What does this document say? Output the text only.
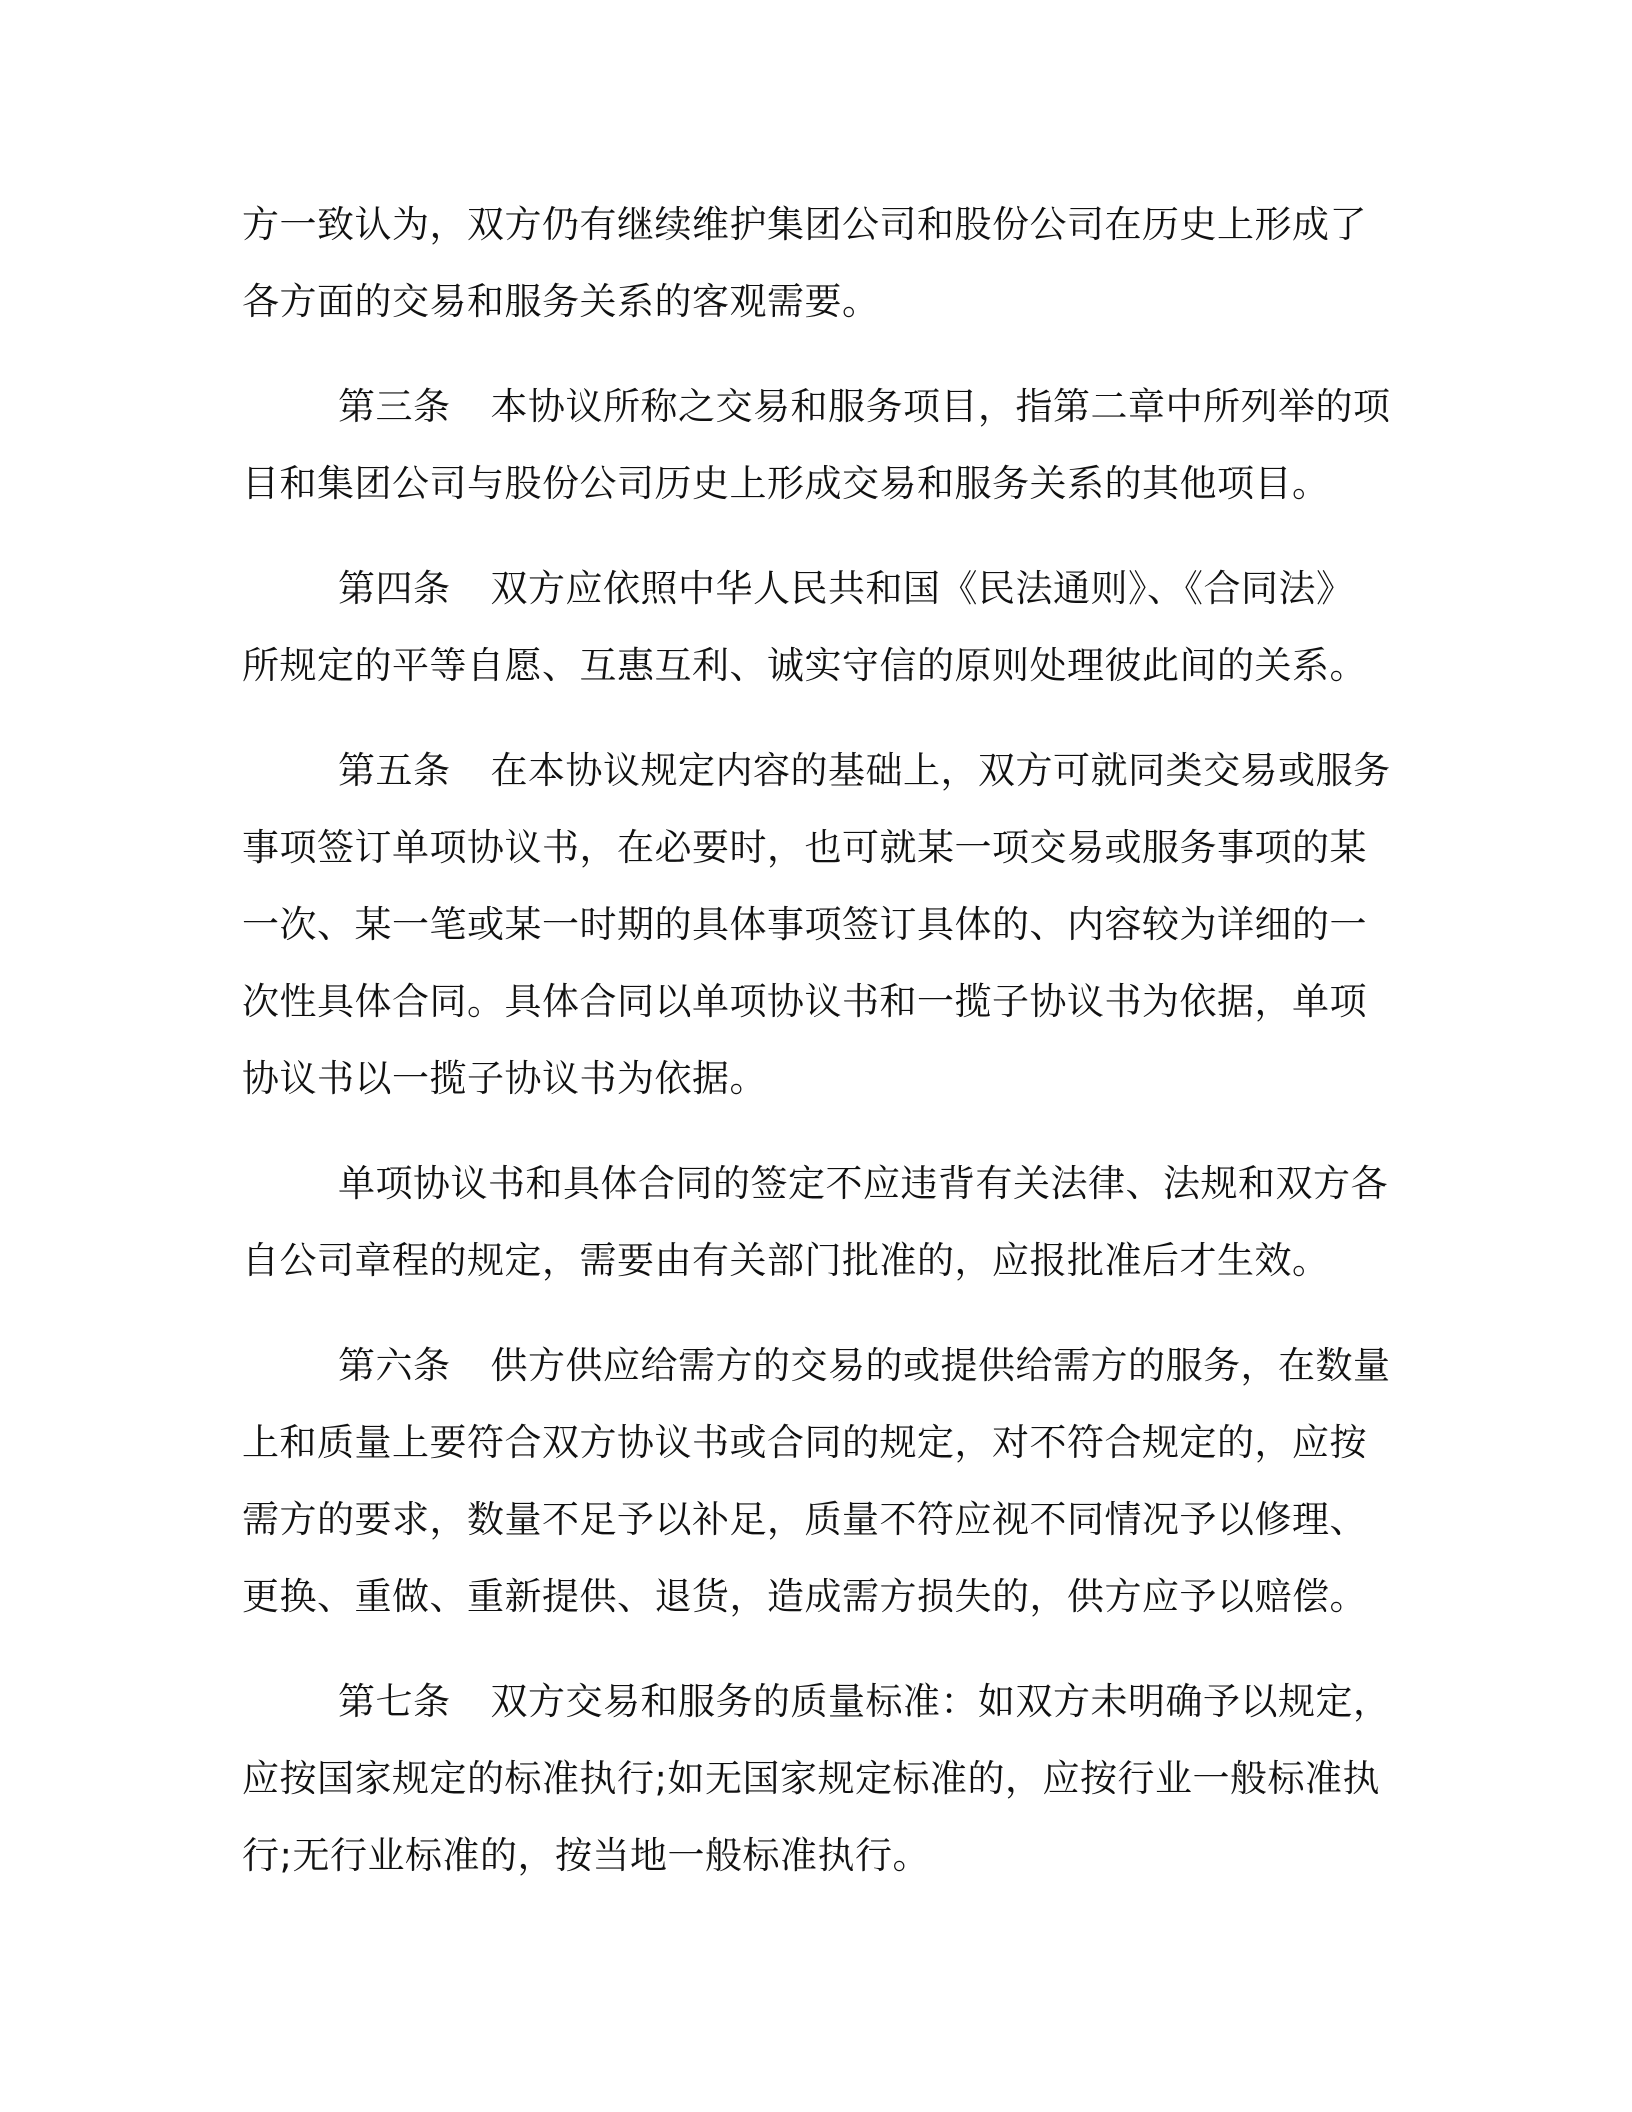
方一致认为，双方仍有继续维护集团公司和股份公司在历史上形成了
各方面的交易和服务关系的客观需要。

第三条 本协议所称之交易和服务项目，指第二章中所列举的项
目和集团公司与股份公司历史上形成交易和服务关系的其他项目。

第四条 双方应依照中华人民共和国《民法通则》、《合同法》
所规定的平等自愿、互惠互利、诚实守信的原则处理彼此间的关系。

第五条 在本协议规定内容的基础上，双方可就同类交易或服务
事项签订单项协议书，在必要时，也可就某一项交易或服务事项的某
一次、某一笔或某一时期的具体事项签订具体的、内容较为详细的一
次性具体合同。具体合同以单项协议书和一揽子协议书为依据，单项
协议书以一揽子协议书为依据。

单项协议书和具体合同的签定不应违背有关法律、法规和双方各
自公司章程的规定，需要由有关部门批准的，应报批准后才生效。

第六条 供方供应给需方的交易的或提供给需方的服务，在数量
上和质量上要符合双方协议书或合同的规定，对不符合规定的，应按
需方的要求，数量不足予以补足，质量不符应视不同情况予以修理、
更换、重做、重新提供、退货，造成需方损失的，供方应予以赔偿。

第七条 双方交易和服务的质量标准：如双方未明确予以规定，
应按国家规定的标准执行;如无国家规定标准的，应按行业一般标准执
行;无行业标准的，按当地一般标准执行。
